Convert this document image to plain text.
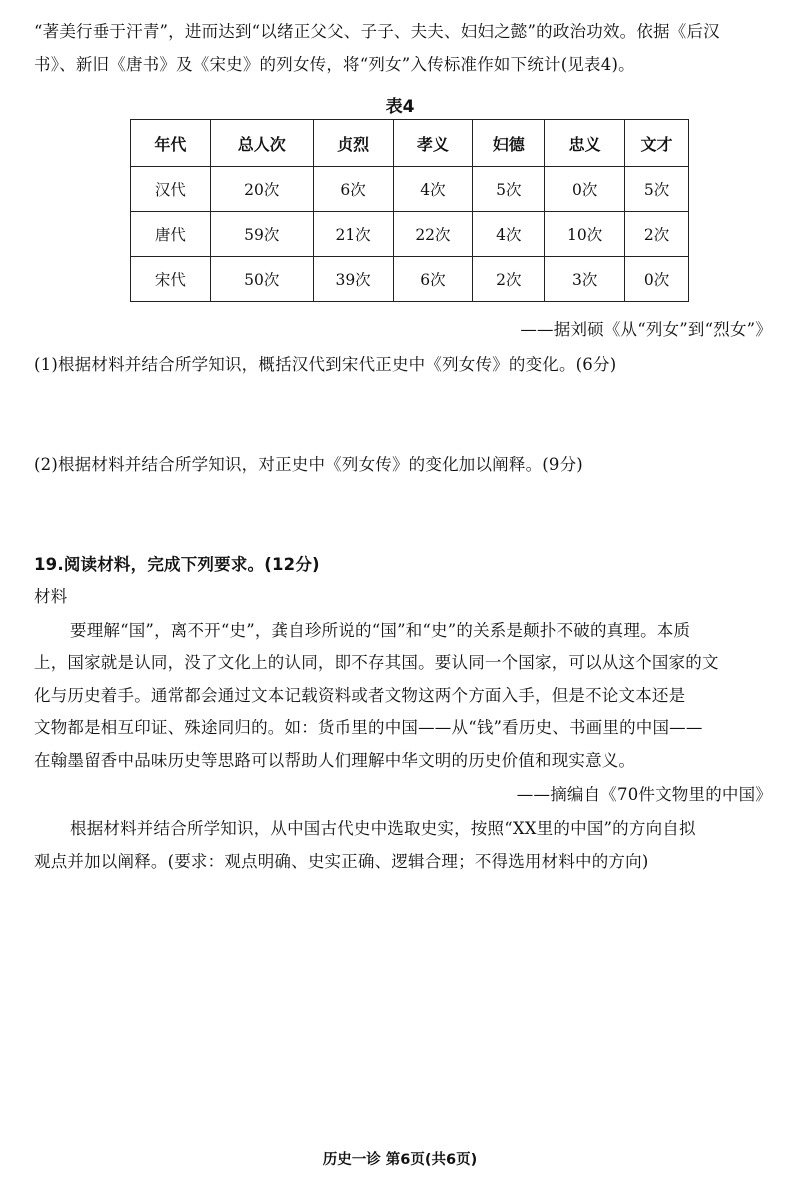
“著美行垂于汗青”，进而达到“以绪正父父、子子、夫夫、妇妇之懿”的政治功效。依据《后汉
书》、新旧《唐书》及《宋史》的列女传，将“列女”入传标准作如下统计(见表4)。
表4
年代	总人次	贞烈	孝义	妇德	忠义	文才
汉代	20次	6次	4次	5次	0次	5次
唐代	59次	21次	22次	4次	10次	2次
宋代	50次	39次	6次	2次	3次	0次
——据刘硕《从“列女”到“烈女”》
(1)根据材料并结合所学知识，概括汉代到宋代正史中《列女传》的变化。(6分)
(2)根据材料并结合所学知识，对正史中《列女传》的变化加以阐释。(9分)
19.阅读材料，完成下列要求。(12分)
材料
要理解“国”，离不开“史”，龚自珍所说的“国”和“史”的关系是颠扑不破的真理。本质
上，国家就是认同，没了文化上的认同，即不存其国。要认同一个国家，可以从这个国家的文
化与历史着手。通常都会通过文本记载资料或者文物这两个方面入手，但是不论文本还是
文物都是相互印证、殊途同归的。如：货币里的中国——从“钱”看历史、书画里的中国——
在翰墨留香中品味历史等思路可以帮助人们理解中华文明的历史价值和现实意义。
——摘编自《70件文物里的中国》
根据材料并结合所学知识，从中国古代史中选取史实，按照“XX里的中国”的方向自拟
观点并加以阐释。(要求：观点明确、史实正确、逻辑合理；不得选用材料中的方向)
历史一诊 第6页(共6页)
